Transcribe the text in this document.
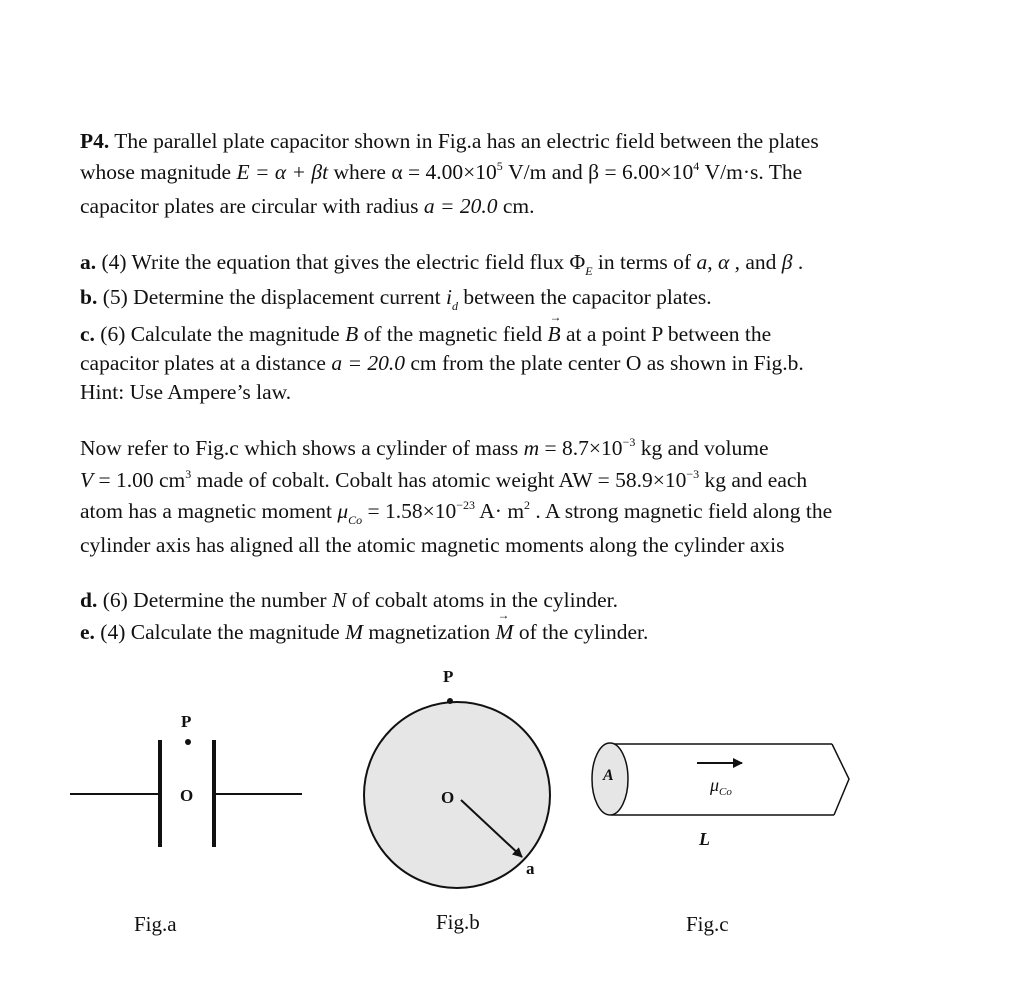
P4. The parallel plate capacitor shown in Fig.a has an electric field between the plates
whose magnitude E = α + βt where $\alpha = 4.00\times 10^5$ V/m and $\beta = 6.00\times 10^4$ V/m·s. The
capacitor plates are circular with radius a = 20.0 cm.
a. (4) Write the equation that gives the electric field flux $\Phi_E$ in terms of a, α , and β .
b. (5) Determine the displacement current $i_d$ between the capacitor plates.
c. (6) Calculate the magnitude B of the magnetic field → B at a point P between the
capacitor plates at a distance a = 20.0 cm from the plate center O as shown in Fig.b.
Hint: Use Ampere’s law.
Now refer to Fig.c which shows a cylinder of mass $m = 8.7\times 10^{-3}$ kg and volume
V = 1.00 $cm^3$ made of cobalt. Cobalt has atomic weight AW = $58.9\times 10^{-3}$ kg and each
atom has a magnetic moment $\mu_{Co} = 1.58\times 10^{-23}$ $A\cdot m^2$ . A strong magnetic field along the
cylinder axis has aligned all the atomic magnetic moments along the cylinder axis
d. (6) Determine the number N of cobalt atoms in the cylinder.
e. (4) Calculate the magnitude M magnetization → M of the cylinder.
P
O
Fig.a
P
O
a
Fig.b
A	$\mu_{Co}$
L
Fig.c
